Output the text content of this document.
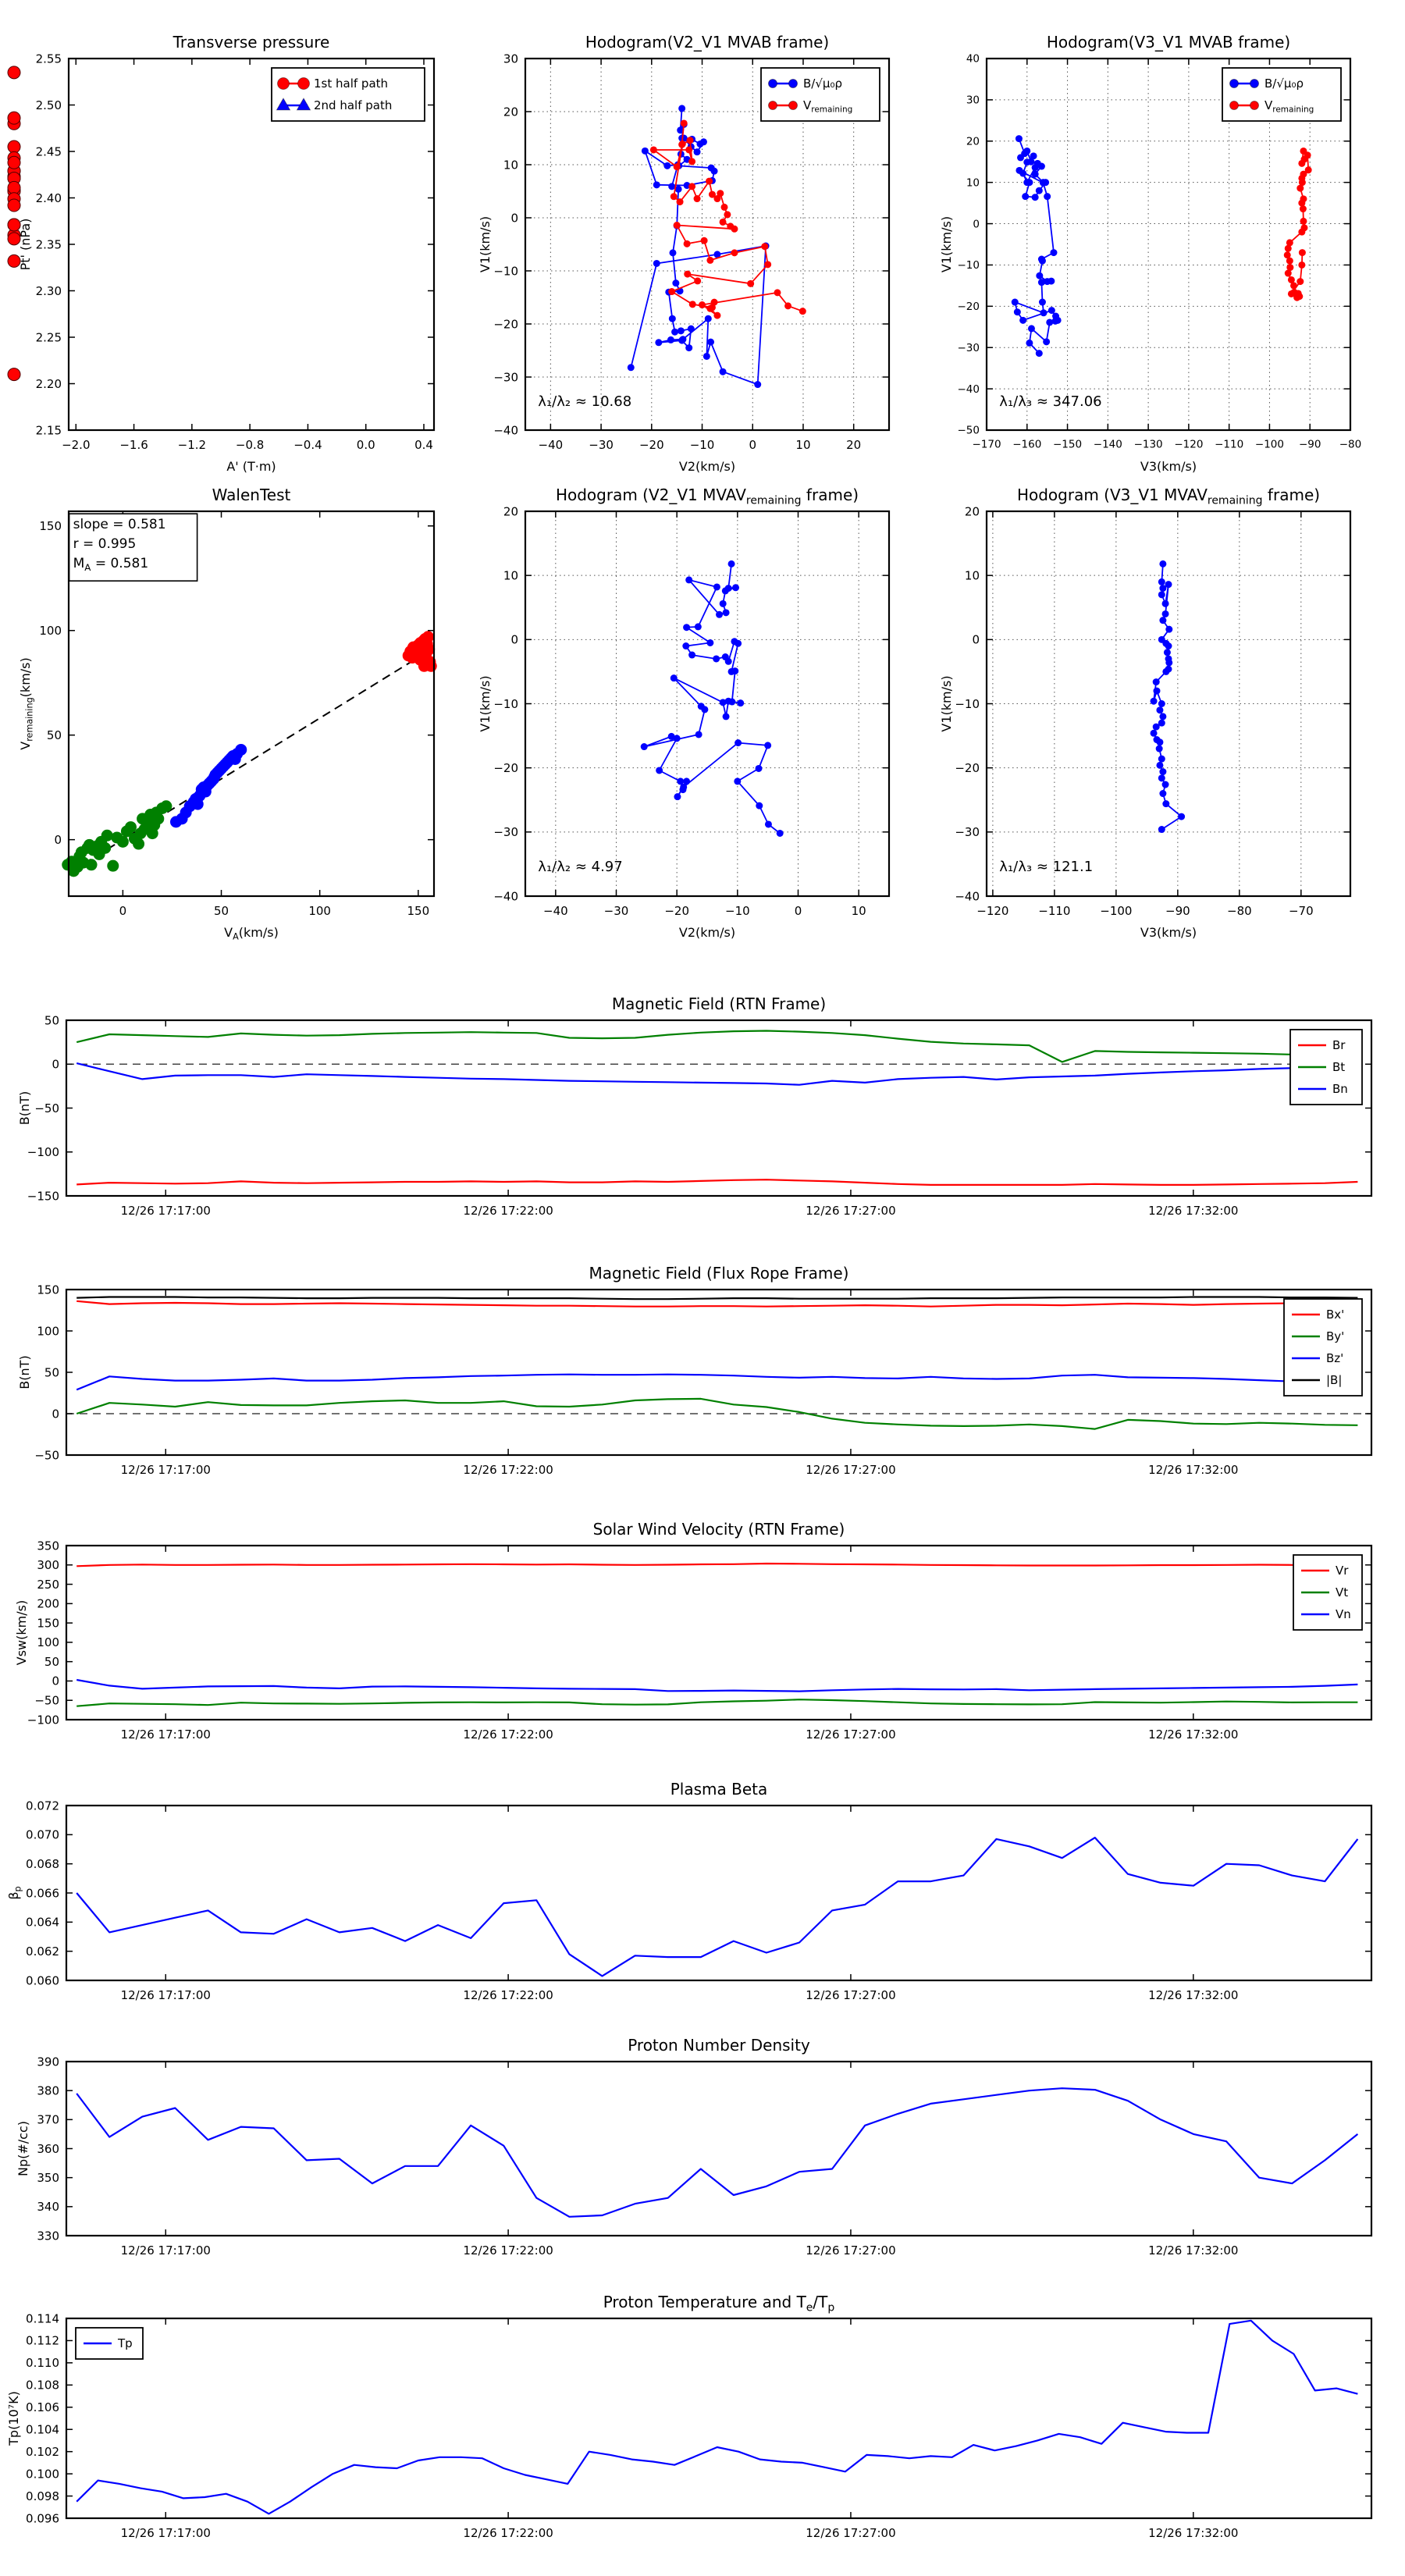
−2.0	−1.6	−1.2	−0.8	−0.4	0.0	0.4
2.15
2.20
2.25
2.30
2.35
2.40
2.45
2.50
2.55
Transverse pressure
A' (T·m)
Pt' (nPa)
1st half path
2nd half path
−40 −30 −20 −10	0	10	20
−40
−30
−20
−10
0
10
20
30
Hodogram(V2_V1 MVAB frame)
V2(km/s)
V1(km/s)
B/√μ₀ρ
$V_{remaining}$
λ₁/λ₂ ≈ 10.68
−170 −160 −150 −140 −130 −120 −110 −100 −90 −80
−50
−40
−30
−20
−10
0
10
20
30
40
Hodogram(V3_V1 MVAB frame)
V3(km/s)
V1(km/s)
B/√μ₀ρ
$V_{remaining}$
λ₁/λ₃ ≈ 347.06
0	50	100	150
0
50
100
150
WalenTest
$V_A(km/s)$
$V_{remaining}(km/s)$
slope = 0.581
r = 0.995
$M_A = 0.581$
−40	−30	−20	−10	0	10
−40
−30
−20
−10
0
10
20
Hodogram (V2_V1 $MVAV_{remaining}$ frame)
V2(km/s)
V1(km/s)
λ₁/λ₂ ≈ 4.97
−120	−110	−100	−90	−80	−70
−40
−30
−20
−10
0
10
20
Hodogram (V3_V1 $MVAV_{remaining}$ frame)
V3(km/s)
V1(km/s)
λ₁/λ₃ ≈ 121.1
12/26 17:17:00	12/26 17:22:00	12/26 17:27:00	12/26 17:32:00
−150
−100
−50
0
50
Magnetic Field (RTN Frame)
B(nT)
Br
Bt
Bn
12/26 17:17:00	12/26 17:22:00	12/26 17:27:00	12/26 17:32:00
−50
0
50
100
150
Magnetic Field (Flux Rope Frame)
B(nT)
Bx'
By'
Bz'
|B|
12/26 17:17:00	12/26 17:22:00	12/26 17:27:00	12/26 17:32:00
−100
−50
0
50
100
150
200
250
300
350
Solar Wind Velocity (RTN Frame)
Vsw(km/s)
Vr
Vt
Vn
12/26 17:17:00	12/26 17:22:00	12/26 17:27:00	12/26 17:32:00
0.060
0.062
0.064
0.066
0.068
0.070
0.072
Plasma Beta
$\beta_p$
12/26 17:17:00	12/26 17:22:00	12/26 17:27:00	12/26 17:32:00
330
340
350
360
370
380
390
Proton Number Density
Np(#/cc)
12/26 17:17:00	12/26 17:22:00	12/26 17:27:00	12/26 17:32:00
0.096
0.098
0.100
0.102
0.104
0.106
0.108
0.110
0.112
0.114
Proton Temperature and $T_e/T_p$
Tp(10⁷K)
Tp
